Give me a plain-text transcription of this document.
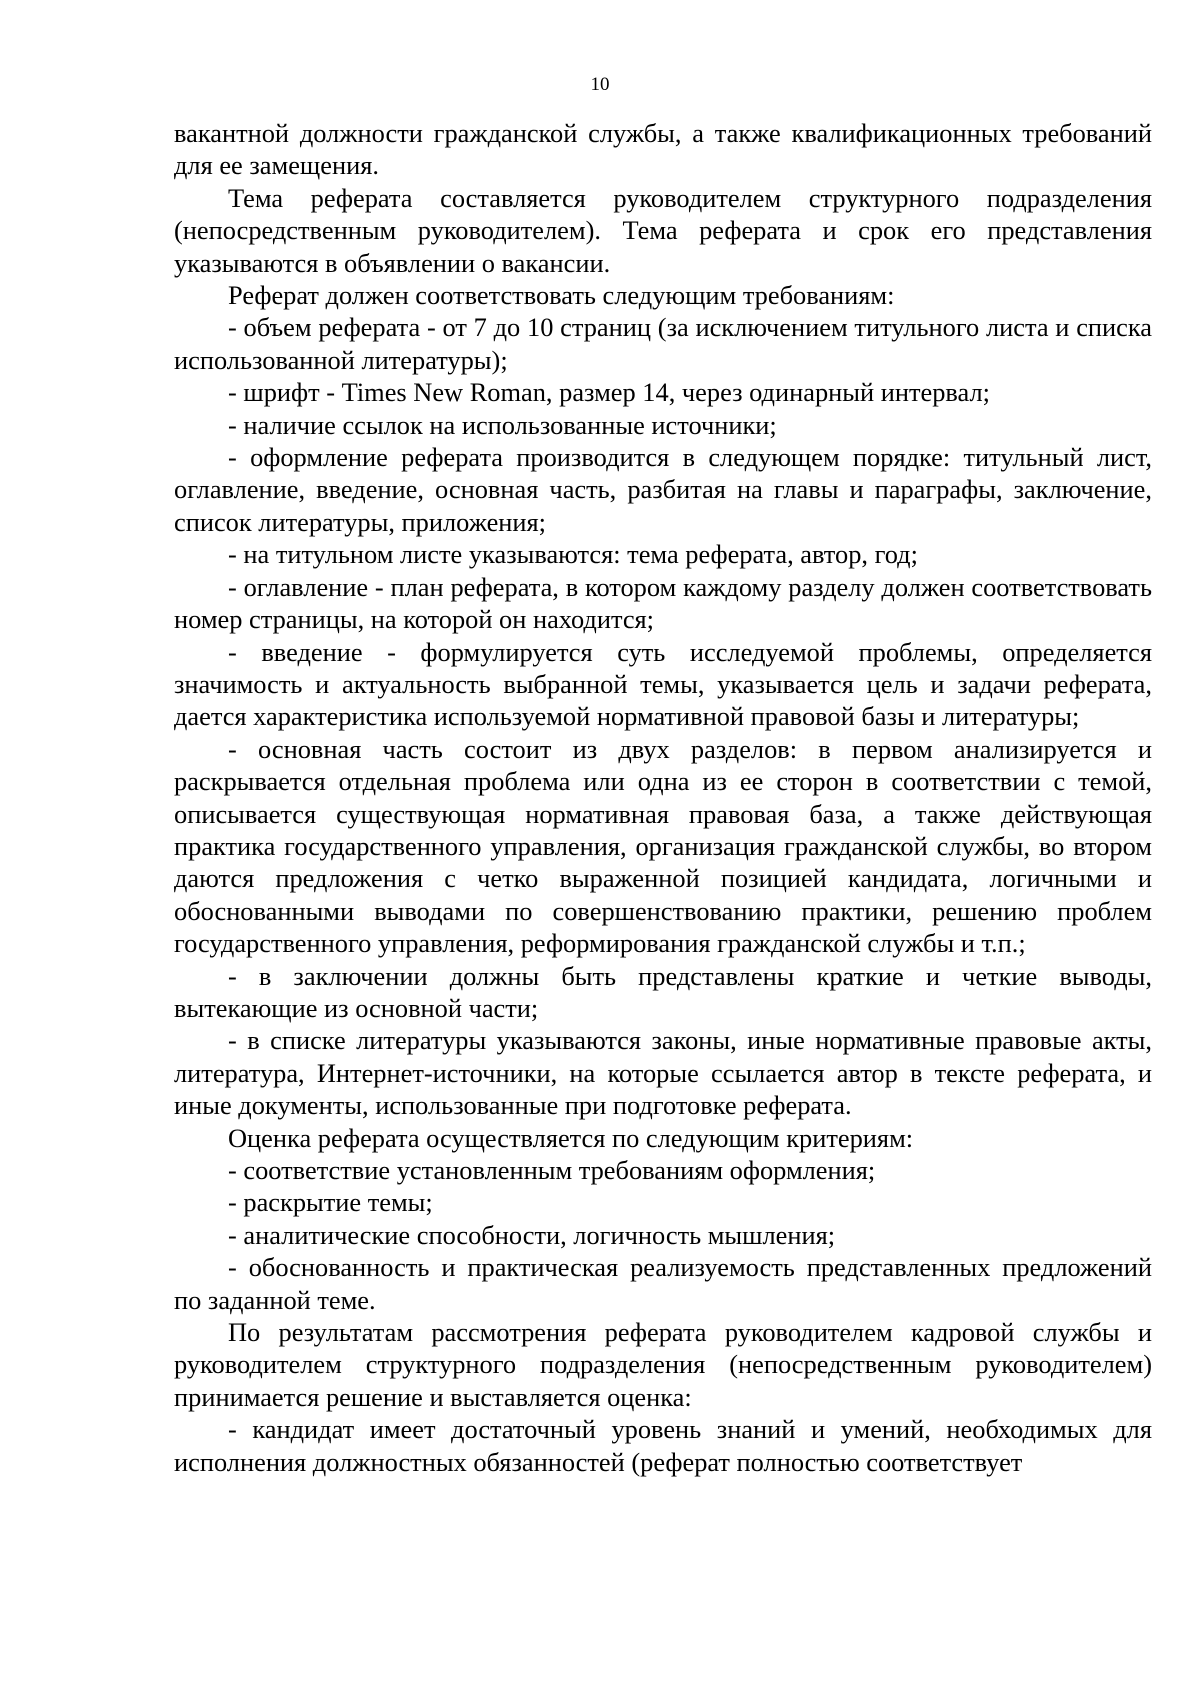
10

вакантной должности гражданской службы, а также квалификационных требований для ее замещения.

Тема реферата составляется руководителем структурного подразделения (непосредственным руководителем). Тема реферата и срок его представления указываются в объявлении о вакансии.

Реферат должен соответствовать следующим требованиям:

- объем реферата - от 7 до 10 страниц (за исключением титульного листа и списка использованной литературы);

- шрифт - Times New Roman, размер 14, через одинарный интервал;

- наличие ссылок на использованные источники;

- оформление реферата производится в следующем порядке: титульный лист, оглавление, введение, основная часть, разбитая на главы и параграфы, заключение, список литературы, приложения;

- на титульном листе указываются: тема реферата, автор, год;

- оглавление - план реферата, в котором каждому разделу должен соответствовать номер страницы, на которой он находится;

- введение - формулируется суть исследуемой проблемы, определяется значимость и актуальность выбранной темы, указывается цель и задачи реферата, дается характеристика используемой нормативной правовой базы и литературы;

- основная часть состоит из двух разделов: в первом анализируется и раскрывается отдельная проблема или одна из ее сторон в соответствии с темой, описывается существующая нормативная правовая база, а также действующая практика государственного управления, организация гражданской службы, во втором даются предложения с четко выраженной позицией кандидата, логичными и обоснованными выводами по совершенствованию практики, решению проблем государственного управления, реформирования гражданской службы и т.п.;

- в заключении должны быть представлены краткие и четкие выводы, вытекающие из основной части;

- в списке литературы указываются законы, иные нормативные правовые акты, литература, Интернет-источники, на которые ссылается автор в тексте реферата, и иные документы, использованные при подготовке реферата.

Оценка реферата осуществляется по следующим критериям:

- соответствие установленным требованиям оформления;

- раскрытие темы;

- аналитические способности, логичность мышления;

- обоснованность и практическая реализуемость представленных предложений по заданной теме.

По результатам рассмотрения реферата руководителем кадровой службы и руководителем структурного подразделения (непосредственным руководителем) принимается решение и выставляется оценка:

- кандидат имеет достаточный уровень знаний и умений, необходимых для исполнения должностных обязанностей (реферат полностью соответствует
